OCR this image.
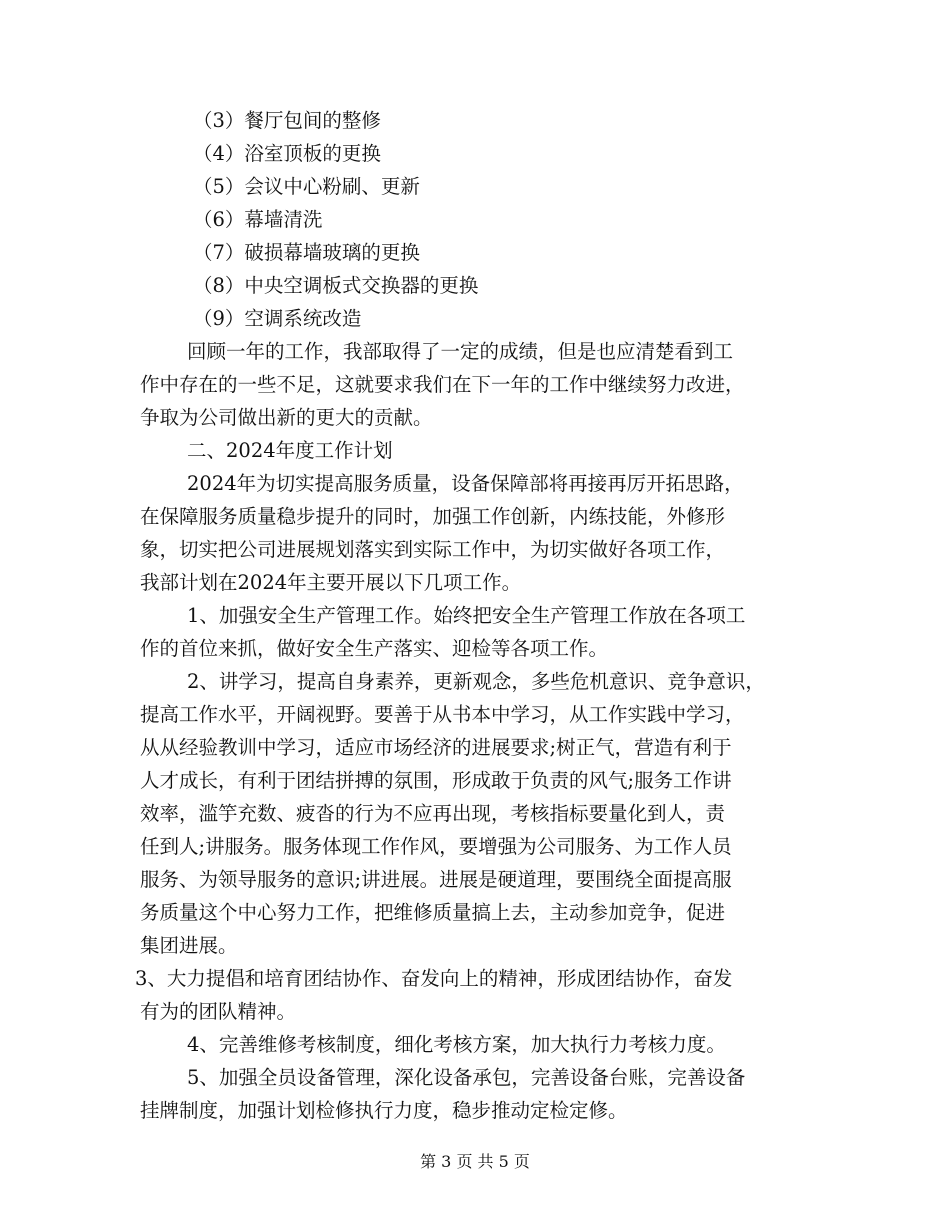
（3）餐厅包间的整修
（4）浴室顶板的更换
（5）会议中心粉刷、更新
（6）幕墙清洗
（7）破损幕墙玻璃的更换
（8）中央空调板式交换器的更换
（9）空调系统改造
回顾一年的工作，我部取得了一定的成绩，但是也应清楚看到工
作中存在的一些不足，这就要求我们在下一年的工作中继续努力改进，
争取为公司做出新的更大的贡献。
二、2024年度工作计划
2024年为切实提高服务质量，设备保障部将再接再厉开拓思路，
在保障服务质量稳步提升的同时，加强工作创新，内练技能，外修形
象，切实把公司进展规划落实到实际工作中，为切实做好各项工作，
我部计划在2024年主要开展以下几项工作。
1、加强安全生产管理工作。始终把安全生产管理工作放在各项工
作的首位来抓，做好安全生产落实、迎检等各项工作。
2、讲学习，提高自身素养，更新观念，多些危机意识、竞争意识，
提高工作水平，开阔视野。要善于从书本中学习，从工作实践中学习，
从从经验教训中学习，适应市场经济的进展要求;树正气，营造有利于
人才成长，有利于团结拼搏的氛围，形成敢于负责的风气;服务工作讲
效率，滥竽充数、疲沓的行为不应再出现，考核指标要量化到人，责
任到人;讲服务。服务体现工作作风，要增强为公司服务、为工作人员
服务、为领导服务的意识;讲进展。进展是硬道理，要围绕全面提高服
务质量这个中心努力工作，把维修质量搞上去，主动参加竞争，促进
集团进展。
3、大力提倡和培育团结协作、奋发向上的精神，形成团结协作，奋发
有为的团队精神。
4、完善维修考核制度，细化考核方案，加大执行力考核力度。
5、加强全员设备管理，深化设备承包，完善设备台账，完善设备
挂牌制度，加强计划检修执行力度，稳步推动定检定修。
第 3 页 共 5 页
